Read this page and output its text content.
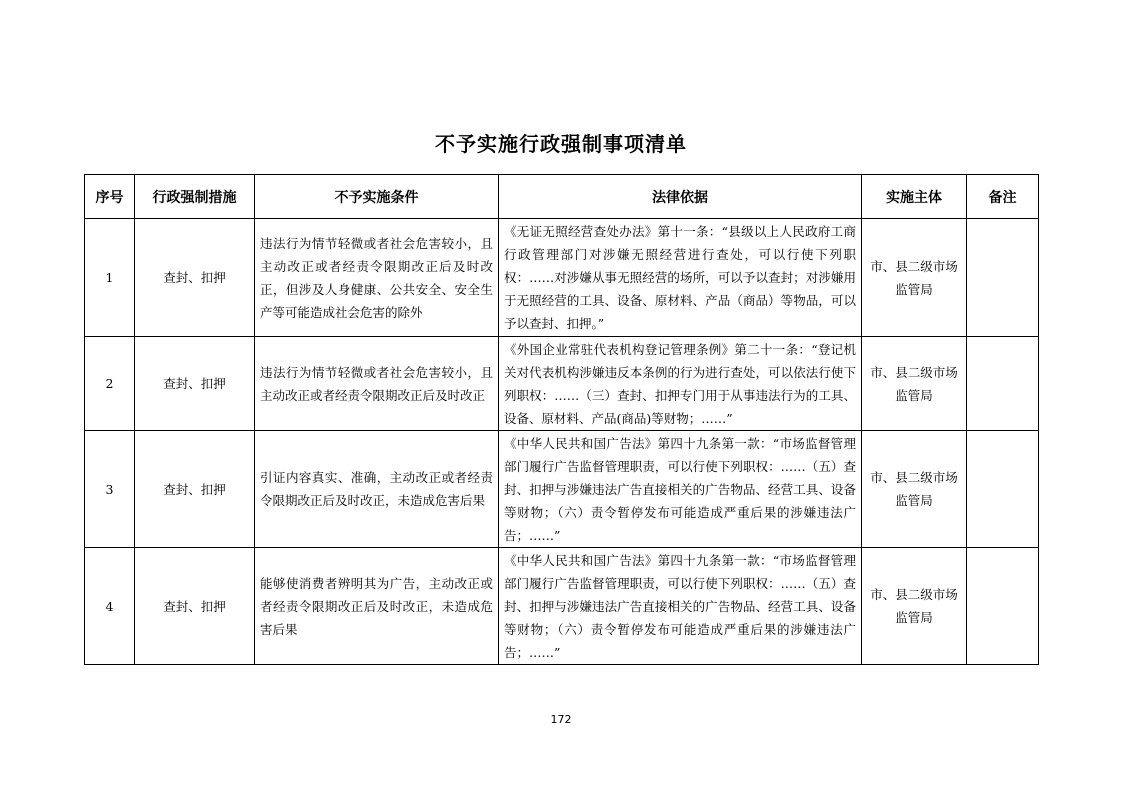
不予实施行政强制事项清单
序号	行政强制措施	不予实施条件	法律依据	实施主体	备注
1	查封、扣押	违法行为情节轻微或者社会危害较小，且主动改正或者经责令限期改正后及时改正，但涉及人身健康、公共安全、安全生产等可能造成社会危害的除外	《无证无照经营查处办法》第十一条：“县级以上人民政府工商行政管理部门对涉嫌无照经营进行查处，可以行使下列职权：……对涉嫌从事无照经营的场所，可以予以查封；对涉嫌用于无照经营的工具、设备、原材料、产品（商品）等物品，可以予以查封、扣押。”	市、县二级市场监管局	
2	查封、扣押	违法行为情节轻微或者社会危害较小，且主动改正或者经责令限期改正后及时改正	《外国企业常驻代表机构登记管理条例》第二十一条：“登记机关对代表机构涉嫌违反本条例的行为进行查处，可以依法行使下列职权：……（三）查封、扣押专门用于从事违法行为的工具、设备、原材料、产品(商品)等财物；……”	市、县二级市场监管局	
3	查封、扣押	引证内容真实、准确，主动改正或者经责令限期改正后及时改正，未造成危害后果	《中华人民共和国广告法》第四十九条第一款：“市场监督管理部门履行广告监督管理职责，可以行使下列职权：……（五）查封、扣押与涉嫌违法广告直接相关的广告物品、经营工具、设备等财物；（六）责令暂停发布可能造成严重后果的涉嫌违法广告；……”	市、县二级市场监管局	
4	查封、扣押	能够使消费者辨明其为广告，主动改正或者经责令限期改正后及时改正，未造成危害后果	《中华人民共和国广告法》第四十九条第一款：“市场监督管理部门履行广告监督管理职责，可以行使下列职权：……（五）查封、扣押与涉嫌违法广告直接相关的广告物品、经营工具、设备等财物；（六）责令暂停发布可能造成严重后果的涉嫌违法广告；……”	市、县二级市场监管局	
172
